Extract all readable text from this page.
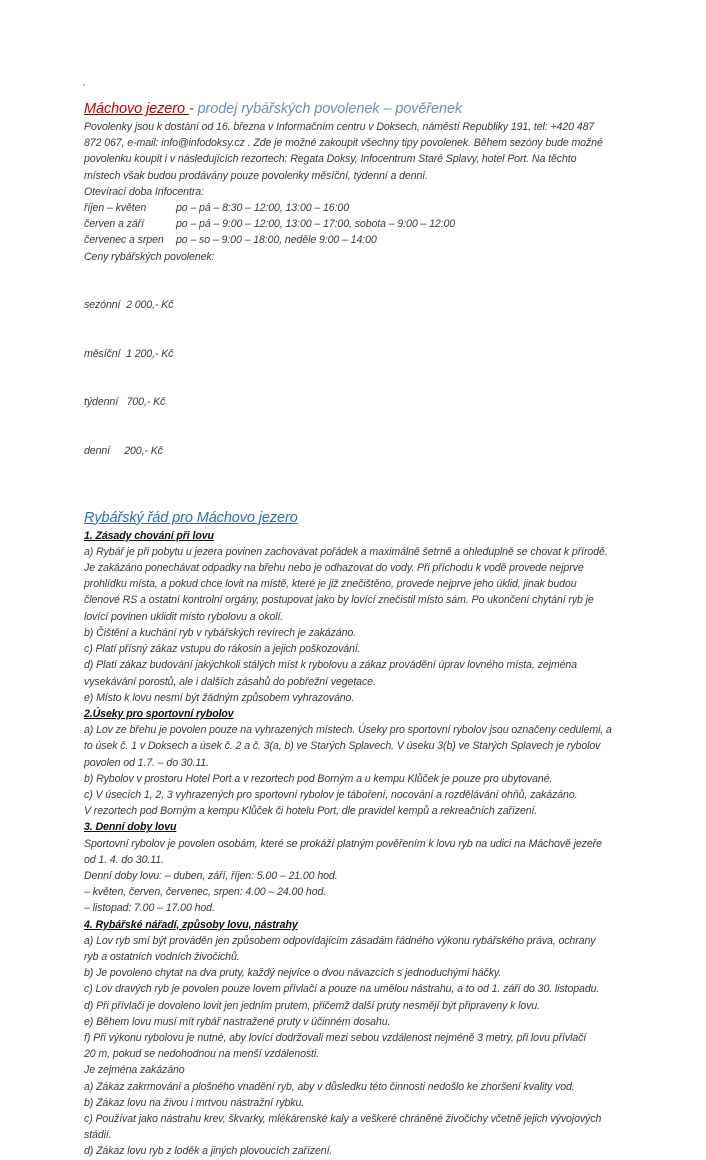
Máchovo jezero - prodej rybářských povolenek – pověřenek

Povolenky jsou k dostání od 16. března v Informačním centru v Doksech, náměstí Republiky 191, tel: +420 487

872 067, e-mail: info@infodoksy.cz . Zde je možné zakoupit všechny tipy povolenek. Během sezóny bude možné

povolenku koupit i v následujících rezortech: Regata Doksy, Infocentrum Staré Splavy, hotel Port. Na těchto

místech však budou prodávány pouze povolenky měsíční, týdenní a denní.

Otevírací doba Infocentra:

říjen – květen	po – pá – 8:30 – 12:00, 13:00 – 16:00
červen a září	po – pá – 9:00 – 12:00, 13:00 – 17:00, sobota – 9:00 – 12:00
červenec a srpen	po – so – 9:00 – 18:00, neděle 9:00 – 14:00

Ceny rybářských povolenek:

sezónní  2 000,- Kč

měsíční  1 200,- Kč

týdenní   700,- Kč

denní     200,- Kč

Rybářský řád pro Máchovo jezero

1. Zásady chování při lovu

a) Rybář je při pobytu u jezera povinen zachovávat pořádek a maximálně šetrně a ohleduplně se chovat k přírodě.

Je zakázáno ponechávat odpadky na břehu nebo je odhazovat do vody. Při příchodu k vodě provede nejprve

prohlídku místa, a pokud chce lovit na místě, které je již znečištěno, provede nejprve jeho úklid, jinak budou

členové RS a ostatní kontrolní orgány, postupovat jako by lovící znečistil místo sám. Po ukončení chytání ryb je

lovící povinen uklidit místo rybolovu a okolí.

b) Čištění a kuchání ryb v rybářských revírech je zakázáno.

c) Platí přísný zákaz vstupu do rákosin a jejich poškozování.

d) Platí zákaz budování jakýchkoli stálých míst k rybolovu a zákaz provádění úprav lovného místa, zejména

vysekávání porostů, ale i dalších zásahů do pobřežní vegetace.

e) Místo k lovu nesmí být žádným způsobem vyhrazováno.

2.Úseky pro sportovní rybolov

a) Lov ze břehu je povolen pouze na vyhrazených místech. Úseky pro sportovní rybolov jsou označeny cedulemi, a

to úsek č. 1 v Doksech a úsek č. 2 a č. 3(a, b) ve Starých Splavech. V úseku 3(b) ve Starých Splavech je rybolov

povolen od 1.7. – do 30.11.

b) Rybolov v prostoru Hotel Port a v rezortech pod Borným a u kempu Klůček je pouze pro ubytované.

c) V úsecích 1, 2, 3 vyhrazených pro sportovní rybolov je táboření, nocování a rozdělávání ohňů, zakázáno.

V rezortech pod Borným a kempu Klůček či hotelu Port, dle pravidel kempů a rekreačních zařízení.

3. Denní doby lovu

Sportovní rybolov je povolen osobám, které se prokáží platným pověřením k lovu ryb na udici na Máchově jezeře

od 1. 4. do 30.11.

Denní doby lovu: – duben, září, říjen: 5.00 – 21.00 hod.

– květen, červen, červenec, srpen: 4.00 – 24.00 hod.

– listopad: 7.00 – 17.00 hod.

4. Rybářské nářadí, způsoby lovu, nástrahy

a) Lov ryb smí být prováděn jen způsobem odpovídajícím zásadám řádného výkonu rybářského práva, ochrany

ryb a ostatních vodních živočichů.

b) Je povoleno chytat na dva pruty, každý nejvíce o dvou návazcích s jednoduchými háčky.

c) Lov dravých ryb je povolen pouze lovem přívlačí a pouze na umělou nástrahu, a to od 1. září do 30. listopadu.

d) Při přívlači je dovoleno lovit jen jedním prutem, přičemž další pruty nesmějí být připraveny k lovu.

e) Během lovu musí mít rybář nastražené pruty v účinném dosahu.

f) Při výkonu rybolovu je nutné, aby lovící dodržovali mezi sebou vzdálenost nejméně 3 metry, při lovu přívlačí

20 m, pokud se nedohodnou na menší vzdálenosti.

Je zejména zakázáno

a) Zákaz zakrmování a plošného vnadění ryb, aby v důsledku této činnosti nedošlo ke zhoršení kvality vod.

b) Zákaz lovu na živou i mrtvou nástražní rybku.

c) Používat jako nástrahu krev, škvarky, mlékárenské kaly a veškeré chráněné živočichy včetně jejich vývojových

stádií.

d) Zákaz lovu ryb z loděk a jiných plovoucích zařízení.
